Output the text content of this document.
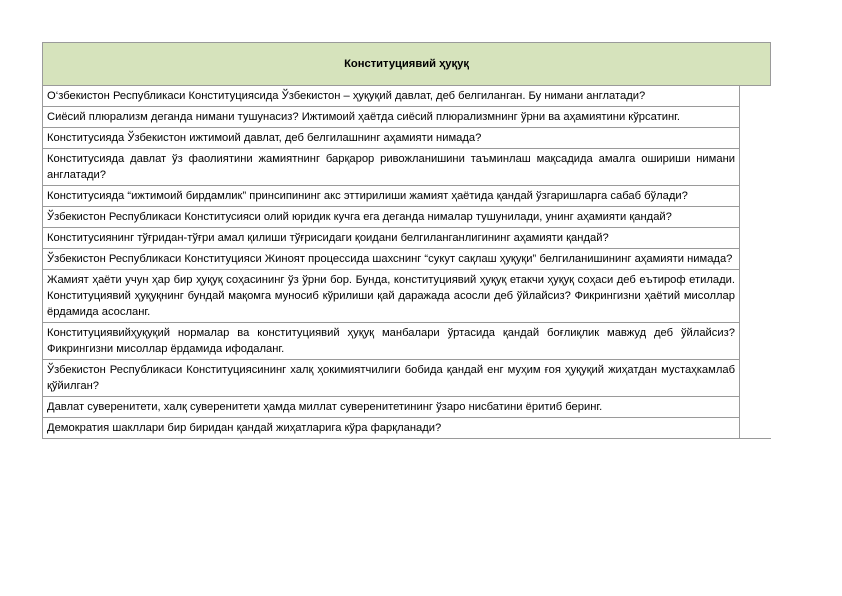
Конституциявий ҳуқуқ	
О‘збекистон Республикаси Конституциясида Ўзбекистон – ҳуқуқий давлат, деб белгиланган. Бу нимани англатади?	
Сиёсий плюрализм деганда нимани тушунасиз? Ижтимоий ҳаётда сиёсий плюрализмнинг ўрни ва аҳамиятини кўрсатинг.	
Конститусияда Ўзбекистон ижтимоий давлат, деб белгилашнинг аҳамияти нимада?	
Конститусияда давлат ўз фаолиятини жамиятнинг барқарор ривожланишини таъминлаш мақсадида амалга ошириши нимани англатади?	
Конститусияда “ижтимоий бирдамлик” принсипининг акс эттирилиши жамият ҳаётида қандай ўзгаришларга сабаб бўлади?	
Ўзбекистон Республикаси Конститусияси олий юридик кучга ега деганда нималар тушунилади, унинг аҳамияти қандай?	
Конститусиянинг тўғридан-тўғри амал қилиши тўғрисидаги қоидани белгиланганлигининг аҳамияти қандай?	
Ўзбекистон Республикаси Конституцияси Жиноят процессида шахснинг “сукут сақлаш ҳуқуқи” белгиланишининг аҳамияти нимада?	
Жамият ҳаёти учун ҳар бир ҳуқуқ соҳасининг ўз ўрни бор. Бунда, конституциявий ҳуқуқ етакчи ҳуқуқ соҳаси деб еътироф етилади. Конституциявий ҳуқуқнинг бундай мақомга муносиб кўрилиши қай даражада асосли деб ўйлайсиз? Фикрингизни ҳаётий мисоллар ёрдамида асосланг.	
Конституциявийҳуқуқий нормалар ва конституциявий ҳуқуқ манбалари ўртасида қандай боғлиқлик мавжуд деб ўйлайсиз? Фикрингизни мисоллар ёрдамида ифодаланг.	
Ўзбекистон Республикаси Конституциясининг халқ ҳокимиятчилиги бобида қандай енг муҳим ғоя ҳуқуқий жиҳатдан мустаҳкамлаб қўйилган?	
Давлат суверенитети, халқ суверенитети ҳамда миллат суверенитетининг ўзаро нисбатини ёритиб беринг.	
Демократия шакллари бир биридан қандай жиҳатларига кўра фарқланади?	
